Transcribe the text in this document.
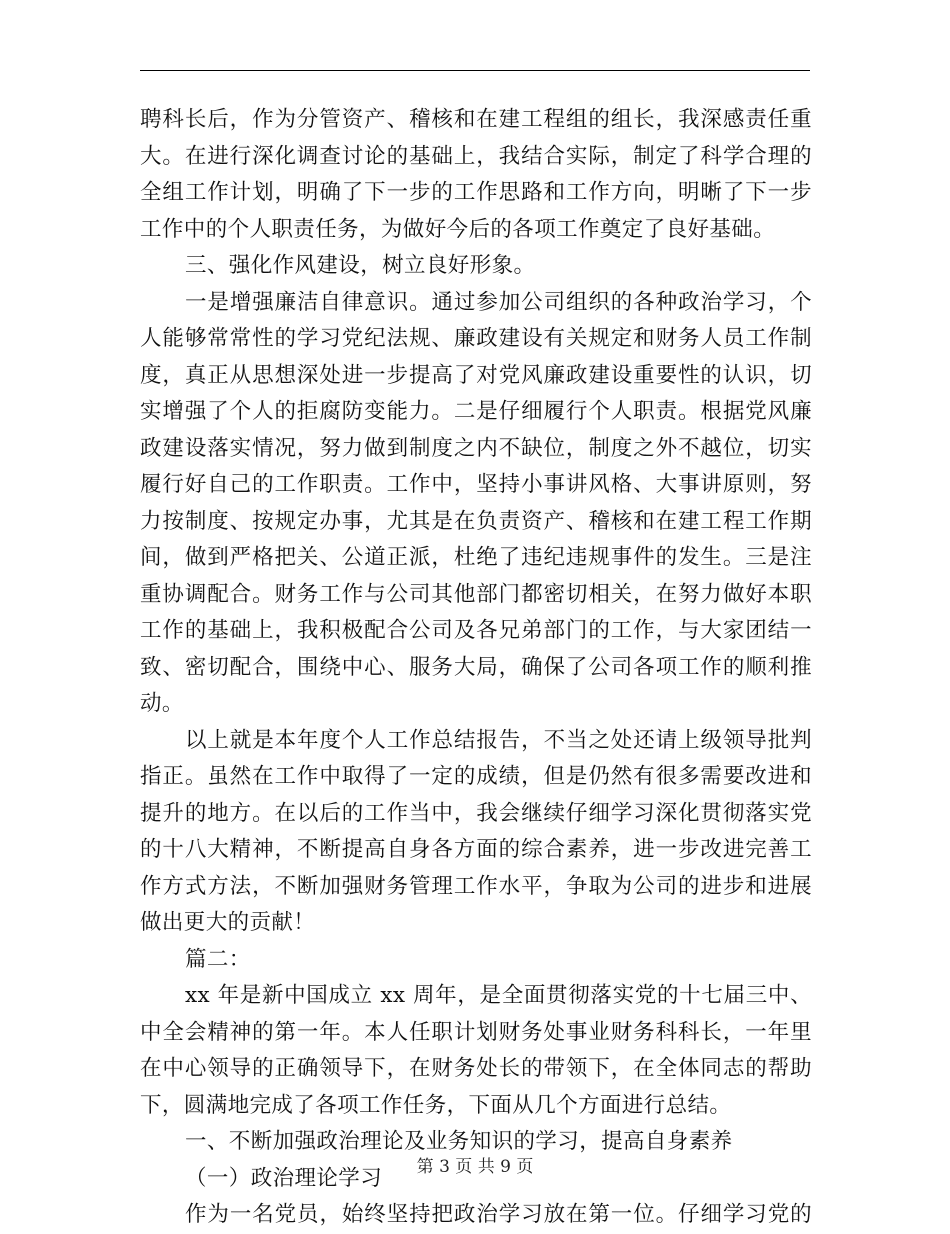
聘科长后，作为分管资产、稽核和在建工程组的组长，我深感责任重
大。在进行深化调查讨论的基础上，我结合实际，制定了科学合理的
全组工作计划，明确了下一步的工作思路和工作方向，明晰了下一步
工作中的个人职责任务，为做好今后的各项工作奠定了良好基础。
三、强化作风建设，树立良好形象。
一是增强廉洁自律意识。通过参加公司组织的各种政治学习，个
人能够常常性的学习党纪法规、廉政建设有关规定和财务人员工作制
度，真正从思想深处进一步提高了对党风廉政建设重要性的认识，切
实增强了个人的拒腐防变能力。二是仔细履行个人职责。根据党风廉
政建设落实情况，努力做到制度之内不缺位，制度之外不越位，切实
履行好自己的工作职责。工作中，坚持小事讲风格、大事讲原则，努
力按制度、按规定办事，尤其是在负责资产、稽核和在建工程工作期
间，做到严格把关、公道正派，杜绝了违纪违规事件的发生。三是注
重协调配合。财务工作与公司其他部门都密切相关，在努力做好本职
工作的基础上，我积极配合公司及各兄弟部门的工作，与大家团结一
致、密切配合，围绕中心、服务大局，确保了公司各项工作的顺利推
动。
以上就是本年度个人工作总结报告，不当之处还请上级领导批判
指正。虽然在工作中取得了一定的成绩，但是仍然有很多需要改进和
提升的地方。在以后的工作当中，我会继续仔细学习深化贯彻落实党
的十八大精神，不断提高自身各方面的综合素养，进一步改进完善工
作方式方法，不断加强财务管理工作水平，争取为公司的进步和进展
做出更大的贡献！
篇二：
xx 年是新中国成立 xx 周年，是全面贯彻落实党的十七届三中、
中全会精神的第一年。本人任职计划财务处事业财务科科长，一年里
在中心领导的正确领导下，在财务处长的带领下，在全体同志的帮助
下，圆满地完成了各项工作任务，下面从几个方面进行总结。
一、不断加强政治理论及业务知识的学习，提高自身素养
（一）政治理论学习
作为一名党员，始终坚持把政治学习放在第一位。仔细学习党的
第 3 页 共 9 页
